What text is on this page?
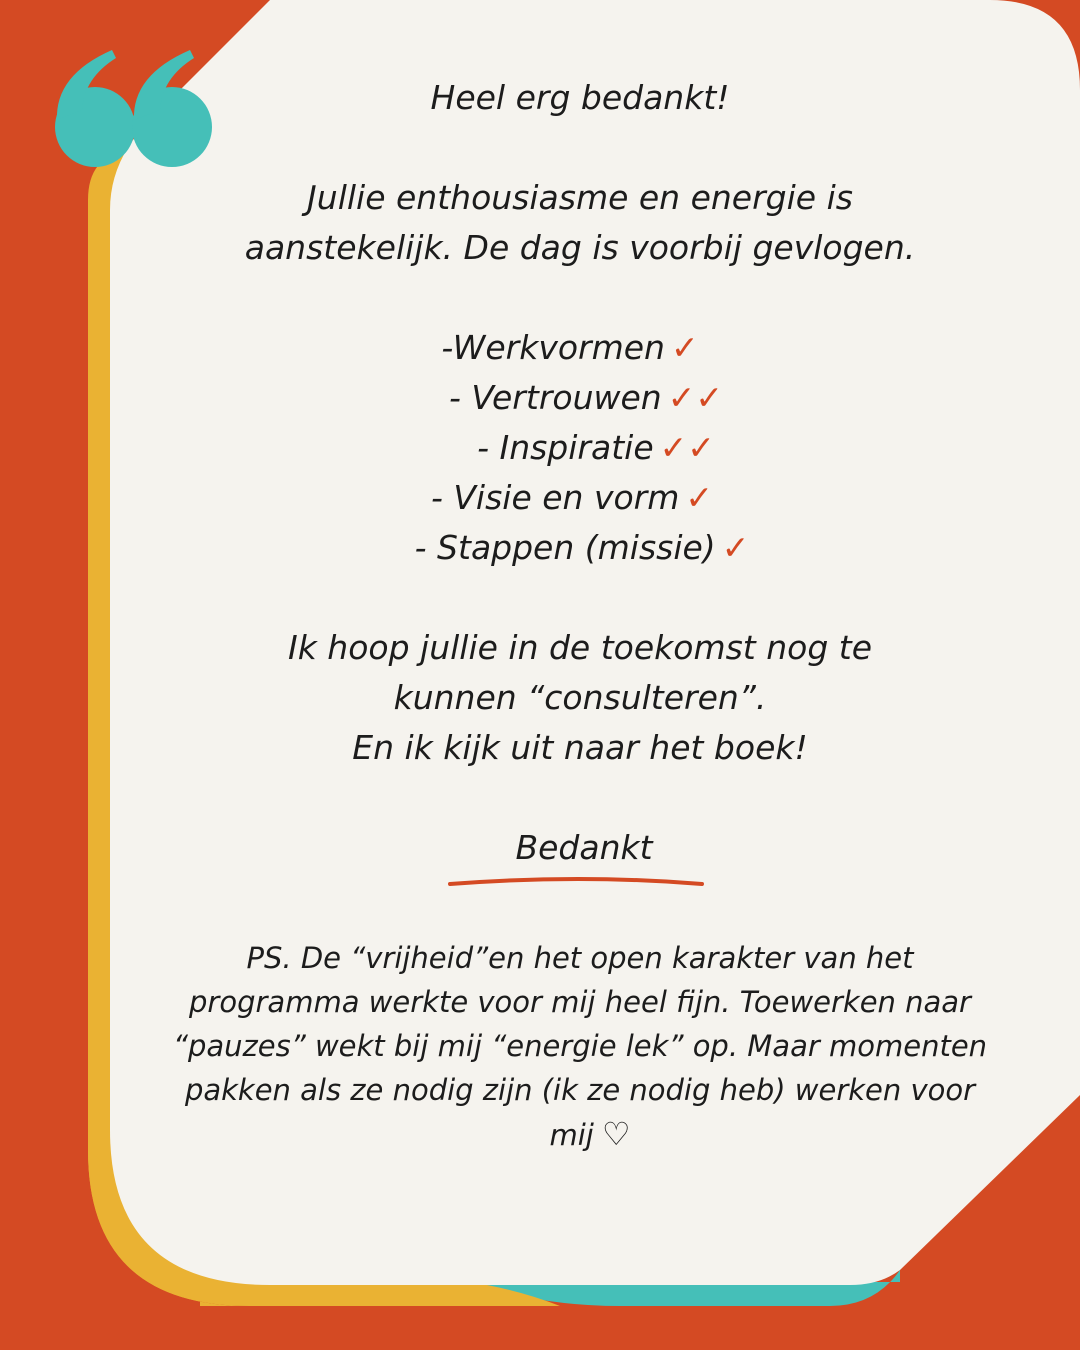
Heel erg bedankt!
Jullie enthousiasme en energie is
aanstekelijk. De dag is voorbij gevlogen.
-Werkvormen ✓
- Vertrouwen ✓✓
- Inspiratie ✓✓
- Visie en vorm ✓
- Stappen (missie) ✓
Ik hoop jullie in de toekomst nog te
kunnen “consulteren”.
En ik kijk uit naar het boek!
Bedankt
PS. De “vrijheid”en het open karakter van het
programma werkte voor mij heel fijn. Toewerken naar
“pauzes” wekt bij mij “energie lek” op. Maar momenten
pakken als ze nodig zijn (ik ze nodig heb) werken voor
mij ♡
